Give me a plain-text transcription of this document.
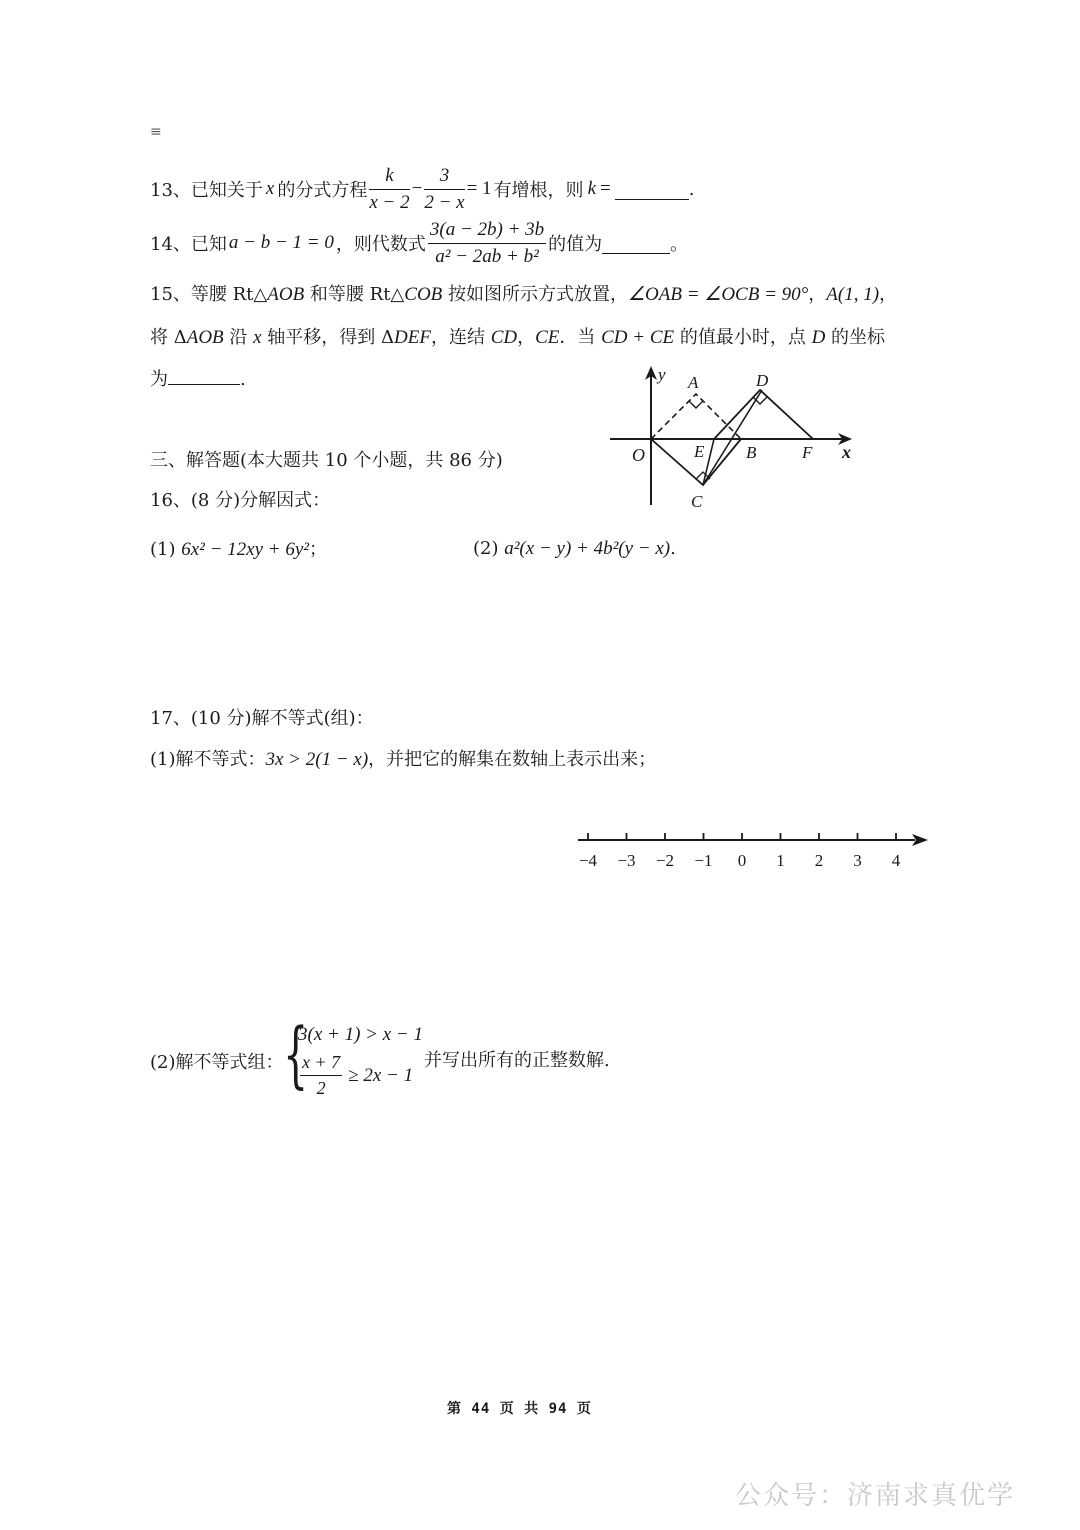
≡
13、 已知关于 x 的分式方程 $\frac{k}{x - 2} - \frac{3}{2 - x} = 1$ 有增根，则 k =	.
14、 已知 a − b − 1 = 0 ，则代数式 $\frac{3(a - 2b) + 3b}{\text{a² − 2ab + b²}}$ 的值为	。
15、等腰 Rt△AOB 和等腰 Rt△COB 按如图所示方式放置，∠OAB = ∠OCB = 90°，A(1, 1)，
将 ΔAOB 沿 x 轴平移，得到 ΔDEF，连结 CD，CE．当 CD + CE 的值最小时，点 D 的坐标
为	.	y
x
O
A
B
C
D
E	F
三、解答题(本大题共 10 个小题，共 86 分)
16、(8 分)分解因式：
(1) 6x² − 12xy + 6y²；	(2) a²(x − y) + 4b²(y − x).
17、(10 分)解不等式(组)：
(1)解不等式：3x > 2(1 − x)，并把它的解集在数轴上表示出来；
−4 −3 −2 −1 0 1 2 3 4
(2)解不等式组： {
3(x + 1) > x − 1
$\frac{x + 7}{2} \ge 2x - 1$
并写出所有的正整数解.
第 44 页 共 94 页
公众号：济南求真优学
